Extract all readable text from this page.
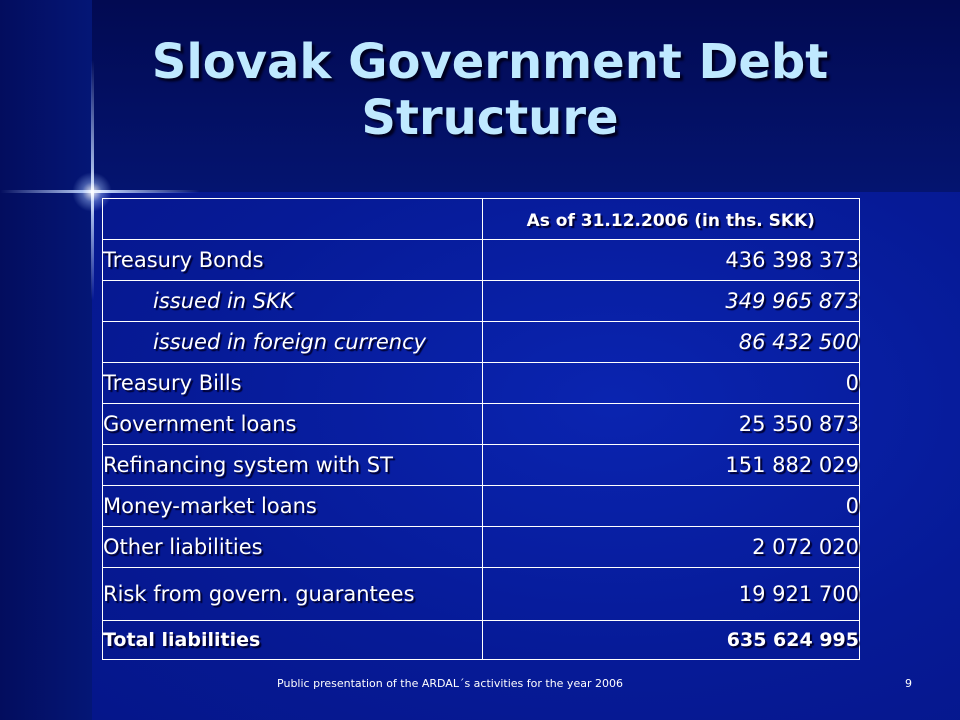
Slovak Government Debt
Structure
	As of 31.12.2006 (in ths. SKK)
Treasury Bonds	436 398 373
issued in SKK	349 965 873
issued in foreign currency	86 432 500
Treasury Bills	0
Government loans	25 350 873
Refinancing system with ST	151 882 029
Money-market loans	0
Other liabilities	2 072 020
Risk from govern. guarantees	19 921 700
Total liabilities	635 624 995
Public presentation of the ARDAL´s activities for the year 2006	9
